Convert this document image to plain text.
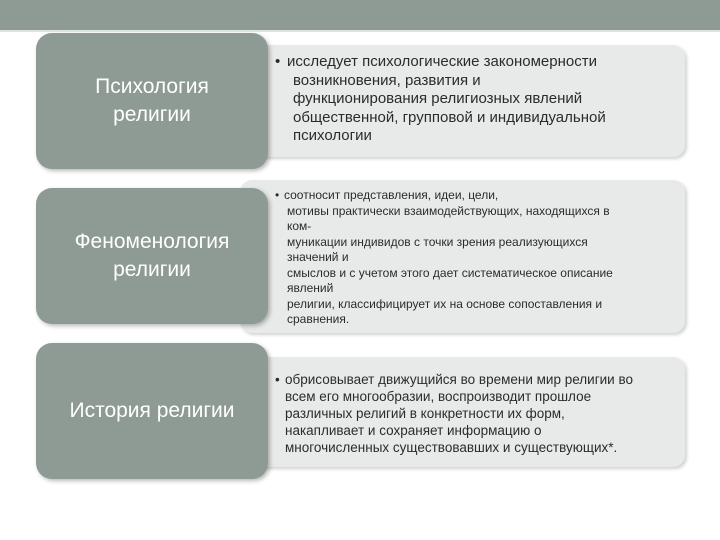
Психология
религии

• исследует психологические закономерности

возникновения, развития и

функционирования религиозных явлений

общественной, групповой и индивидуальной

психологии

Феноменология
религии

• соотносит представления, идеи, цели,

мотивы практически взаимодействующих, находящихся в

ком-

муникации индивидов с точки зрения реализующихся

значений и

смыслов и с учетом этого дает систематическое описание

явлений

религии, классифицирует их на основе сопоставления и

сравнения.

История религии

• обрисовывает движущийся во времени мир религии во

всем его многообразии, воспроизводит прошлое

различных религий в конкретности их форм,

накапливает и сохраняет информацию о

многочисленных существовавших и существующих*.
